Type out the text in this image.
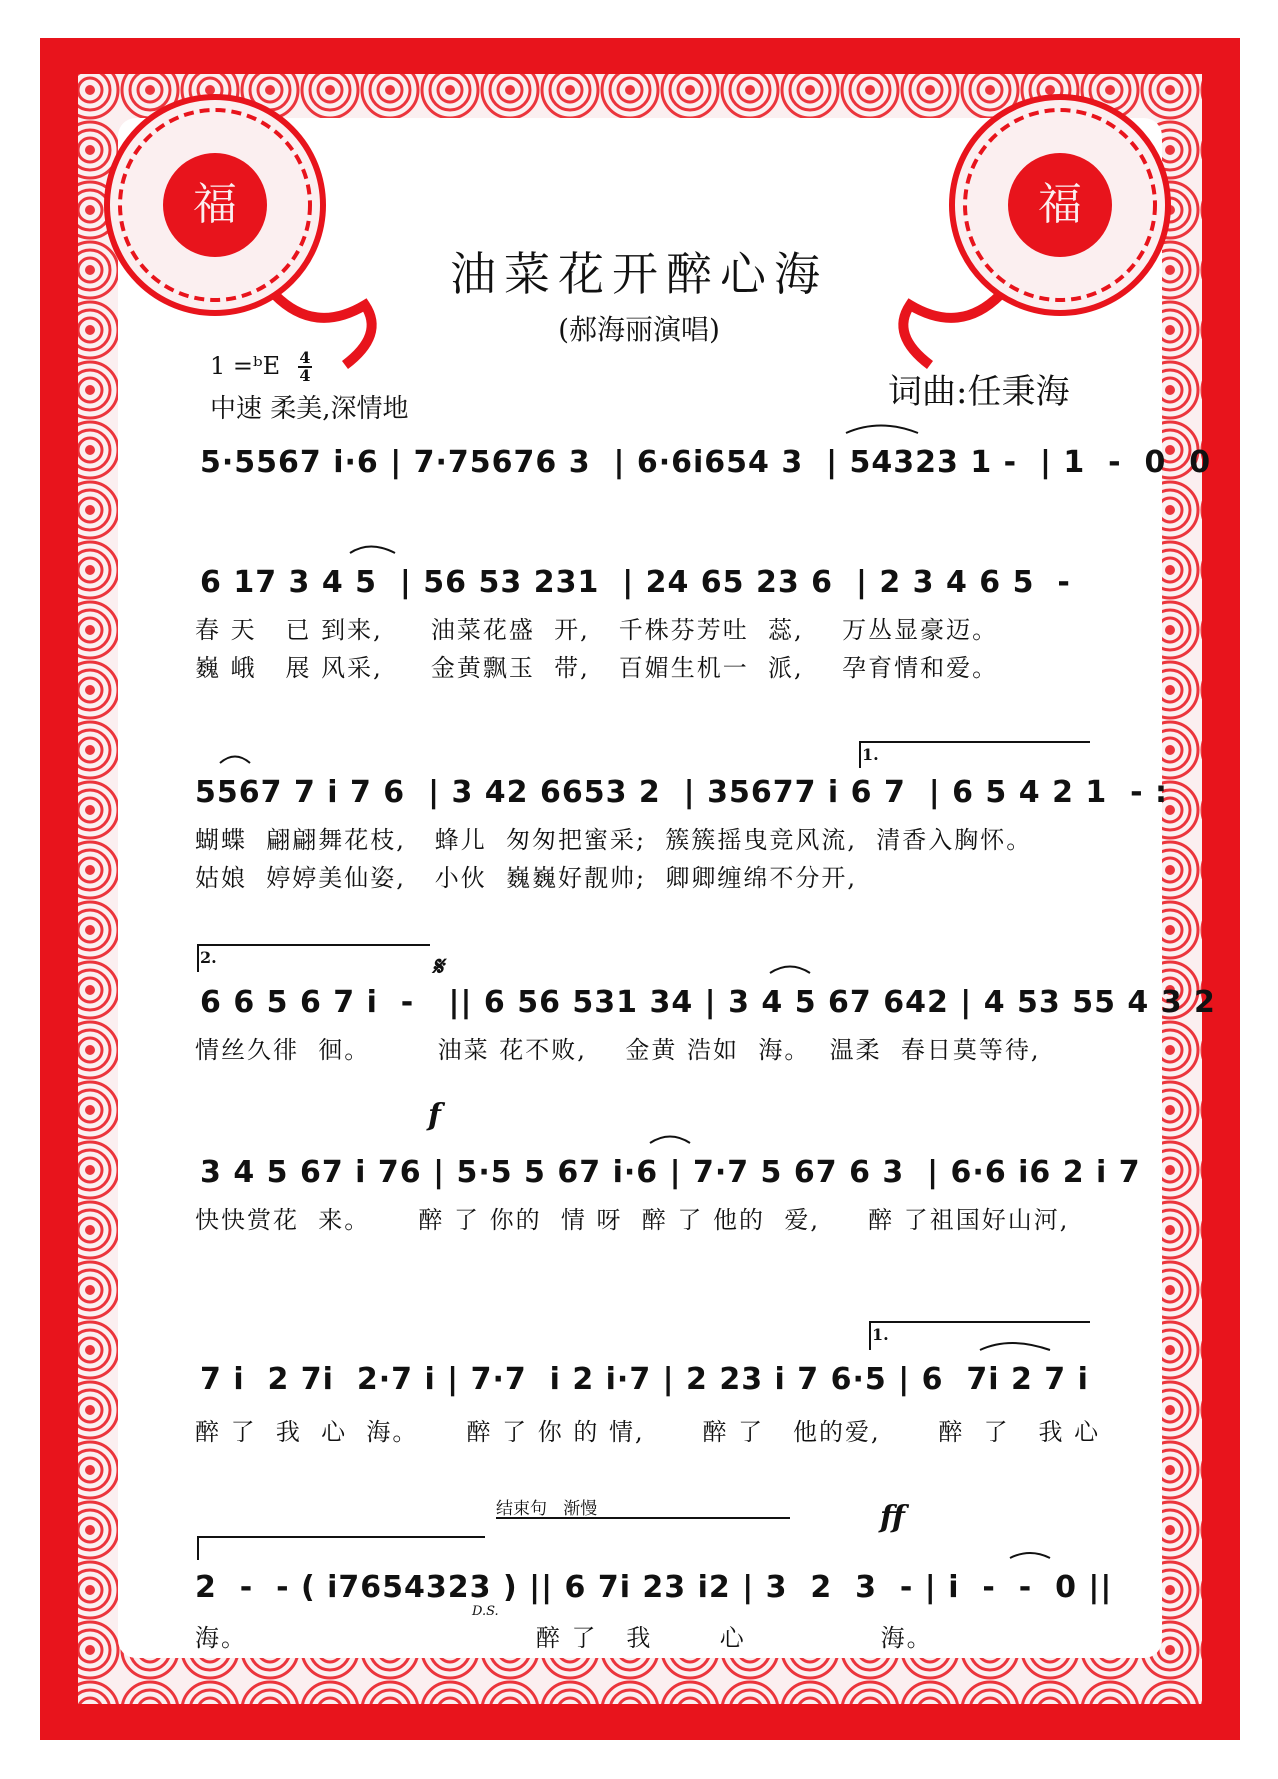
福	福
油菜花开醉心海
(郝海丽演唱)
1 =ᵇE 4
4
中速 柔美,深情地	词曲:任秉海
5·5567 i·6 | 7·75676 3  | 6·6i654 3  | 54323 1 -  | 1  -  0  0
6 17 3 4 5  | 56 53 231  | 24 65 23 6  | 2 3 4 6 5  -
春 天   已 到来,     油菜花盛  开,   千株芬芳吐  蕊,    万丛显豪迈。
巍 峨   展 风采,     金黄飘玉  带,   百媚生机一  派,    孕育情和爱。
1.
5567 7 i 7 6  | 3 42 6653 2  | 35677 i 6 7  | 6 5 4 2 1  - :
蝴蝶  翩翩舞花枝,   蜂儿  匆匆把蜜采;  簇簇摇曳竞风流,  清香入胸怀。
姑娘  婷婷美仙姿,   小伙  巍巍好靓帅;  卿卿缠绵不分开,
2.	𝄋
6 6 5 6 7 i  -   || 6 56 531 34 | 3 4 5 67 642 | 4 53 55 4 3 2
情丝久徘  徊。       油菜 花不败,    金黄 浩如  海。  温柔  春日莫等待,
f
3 4 5 67 i 76 | 5·5 5 67 i·6 | 7·7 5 67 6 3  | 6·6 i6 2 i 7
快快赏花  来。     醉 了 你的  情 呀  醉 了 他的  爱,     醉 了祖国好山河,
1.
7 i  2 7i  2·7 i | 7·7  i 2 i·7 | 2 23 i 7 6·5 | 6  7i 2 7 i
醉 了  我  心  海。     醉 了 你 的 情,      醉 了   他的爱,      醉  了   我 心
结束句   渐慢	ff
2  -  - ( i7654323 ) || 6 7i 23 i2 | 3  2  3  - | i  -  -  0 ||
D.S.
海。                              醉 了   我       心              海。
